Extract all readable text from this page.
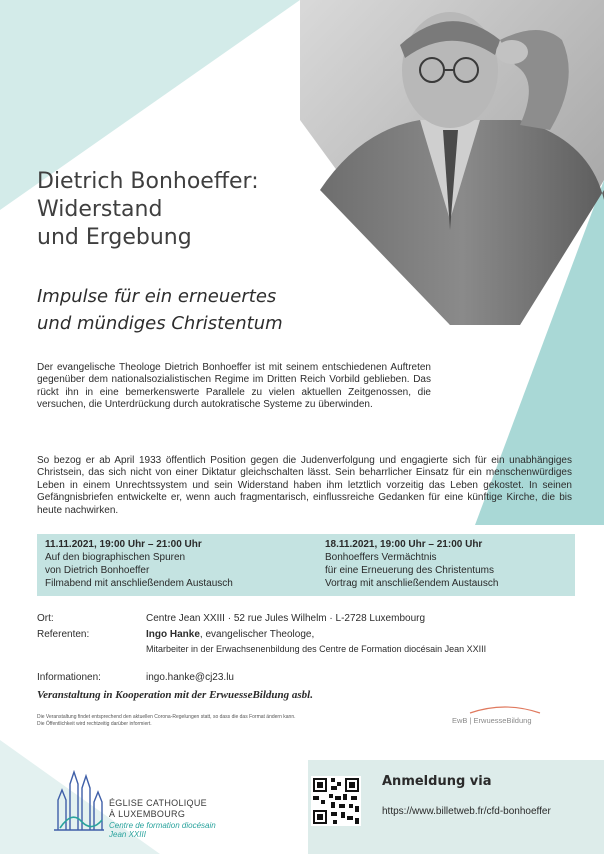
Dietrich Bonhoeffer:
Widerstand
und Ergebung
Impulse für ein erneuertes
und mündiges Christentum

Der evangelische Theologe Dietrich Bonhoeffer ist mit seinem entschiedenen Auftreten gegenüber dem nationalsozialistischen Regime im Dritten Reich Vorbild geblieben. Das rückt ihn in eine bemerkenswerte Parallele zu vielen aktuellen Zeitgenossen, die versuchen, die Unterdrückung durch autokratische Systeme zu überwinden.

So bezog er ab April 1933 öffentlich Position gegen die Judenverfolgung und engagierte sich für ein unabhängiges Christsein, das sich nicht von einer Diktatur gleichschalten lässt. Sein beharrlicher Einsatz für ein menschenwürdiges Leben in einem Unrechtssystem und sein Widerstand haben ihm letztlich vorzeitig das Leben gekostet. In seinen Gefängnisbriefen entwickelte er, wenn auch fragmentarisch, einflussreiche Gedanken für eine künftige Kirche, die bis heute nachwirken.

11.11.2021, 19:00 Uhr – 21:00 Uhr
Auf den biographischen Spuren
von Dietrich Bonhoeffer
Filmabend mit anschließendem Austausch
18.11.2021, 19:00 Uhr – 21:00 Uhr
Bonhoeffers Vermächtnis
für eine Erneuerung des Christentums
Vortrag mit anschließendem Austausch
Ort:	Centre Jean XXIII · 52 rue Jules Wilhelm · L-2728 Luxembourg
Referenten:	Ingo Hanke, evangelischer Theologe,
Mitarbeiter in der Erwachsenenbildung des Centre de Formation diocésain Jean XXIII
Informationen:	ingo.hanke@cj23.lu
Veranstaltung in Kooperation mit der ErwuesseBildung asbl.
Die Veranstaltung findet entsprechend den aktuellen Corona-Regelungen statt, so dass die das Format ändern kann.
Die Öffentlichkeit wird rechtzeitig darüber informiert.	EwB | ErwuesseBildung
ÉGLISE CATHOLIQUE
À LUXEMBOURG
Centre de formation diocésain
Jean XXIII
Anmeldung via
https://www.billetweb.fr/cfd-bonhoeffer
